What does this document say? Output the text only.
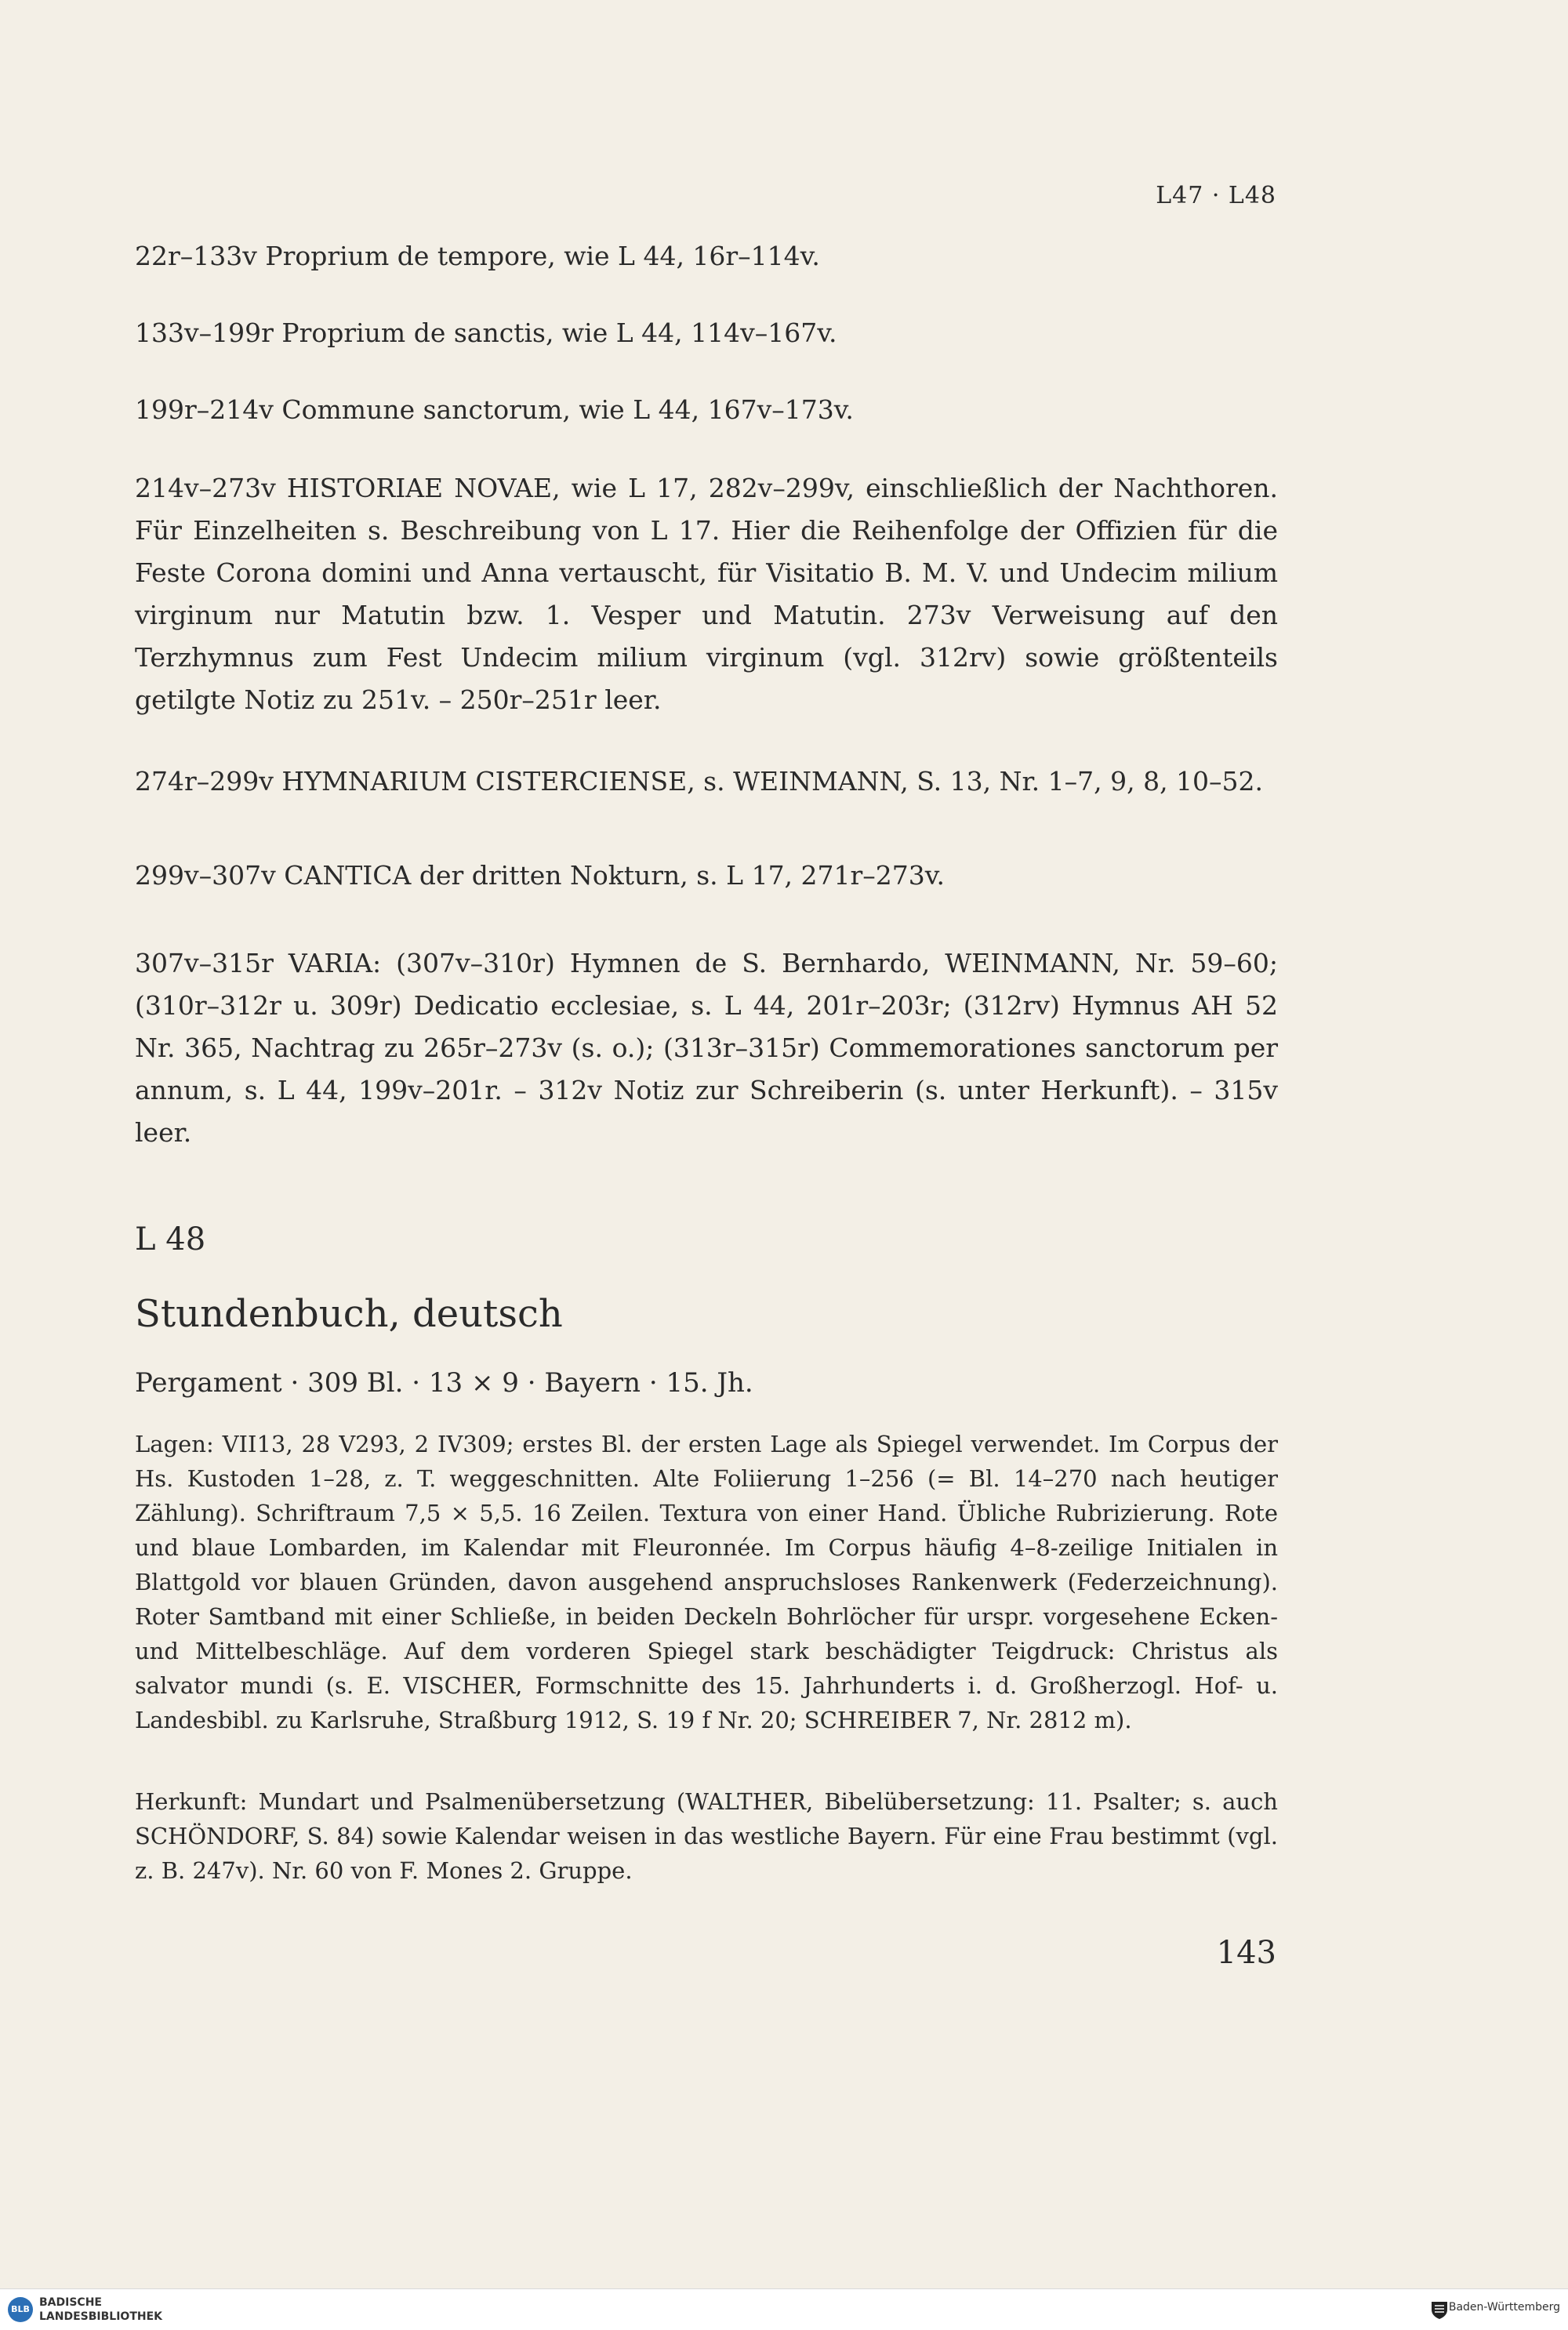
L47 · L48

22r–133v Proprium de tempore, wie L 44, 16r–114v.

133v–199r Proprium de sanctis, wie L 44, 114v–167v.

199r–214v Commune sanctorum, wie L 44, 167v–173v.

214v–273v HISTORIAE NOVAE, wie L 17, 282v–299v, einschließlich der Nachthoren. Für Einzelheiten s. Beschreibung von L 17. Hier die Reihenfolge der Offizien für die Feste Corona domini und Anna vertauscht, für Visitatio B. M. V. und Undecim milium virginum nur Matutin bzw. 1. Vesper und Matutin. 273v Verweisung auf den Terzhymnus zum Fest Undecim milium virginum (vgl. 312rv) sowie größtenteils getilgte Notiz zu 251v. – 250r–251r leer.

274r–299v HYMNARIUM CISTERCIENSE, s. WEINMANN, S. 13, Nr. 1–7, 9, 8, 10–52.

299v–307v CANTICA der dritten Nokturn, s. L 17, 271r–273v.

307v–315r VARIA: (307v–310r) Hymnen de S. Bernhardo, WEINMANN, Nr. 59–60; (310r–312r u. 309r) Dedicatio ecclesiae, s. L 44, 201r–203r; (312rv) Hymnus AH 52 Nr. 365, Nachtrag zu 265r–273v (s. o.); (313r–315r) Commemorationes sanctorum per annum, s. L 44, 199v–201r. – 312v Notiz zur Schreiberin (s. unter Herkunft). – 315v leer.

L 48
Stundenbuch, deutsch
Pergament · 309 Bl. · 13 × 9 · Bayern · 15. Jh.

Lagen: VII13, 28 V293, 2 IV309; erstes Bl. der ersten Lage als Spiegel verwendet. Im Corpus der Hs. Kustoden 1–28, z. T. weggeschnitten. Alte Foliierung 1–256 (= Bl. 14–270 nach heutiger Zählung). Schriftraum 7,5 × 5,5. 16 Zeilen. Textura von einer Hand. Übliche Rubrizierung. Rote und blaue Lombarden, im Kalendar mit Fleuronnée. Im Corpus häufig 4–8-zeilige Initialen in Blattgold vor blauen Gründen, davon ausgehend anspruchsloses Rankenwerk (Federzeichnung). Roter Samtband mit einer Schließe, in beiden Deckeln Bohrlöcher für urspr. vorgesehene Ecken- und Mittelbeschläge. Auf dem vorderen Spiegel stark beschädigter Teigdruck: Christus als salvator mundi (s. E. VISCHER, Formschnitte des 15. Jahrhunderts i. d. Großherzogl. Hof- u. Landesbibl. zu Karlsruhe, Straßburg 1912, S. 19 f Nr. 20; SCHREIBER 7, Nr. 2812 m).

Herkunft: Mundart und Psalmenübersetzung (WALTHER, Bibelübersetzung: 11. Psalter; s. auch SCHÖNDORF, S. 84) sowie Kalendar weisen in das westliche Bayern. Für eine Frau bestimmt (vgl. z. B. 247v). Nr. 60 von F. Mones 2. Gruppe.

143
BLB
BADISCHE
LANDESBIBLIOTHEK
Baden-Württemberg
